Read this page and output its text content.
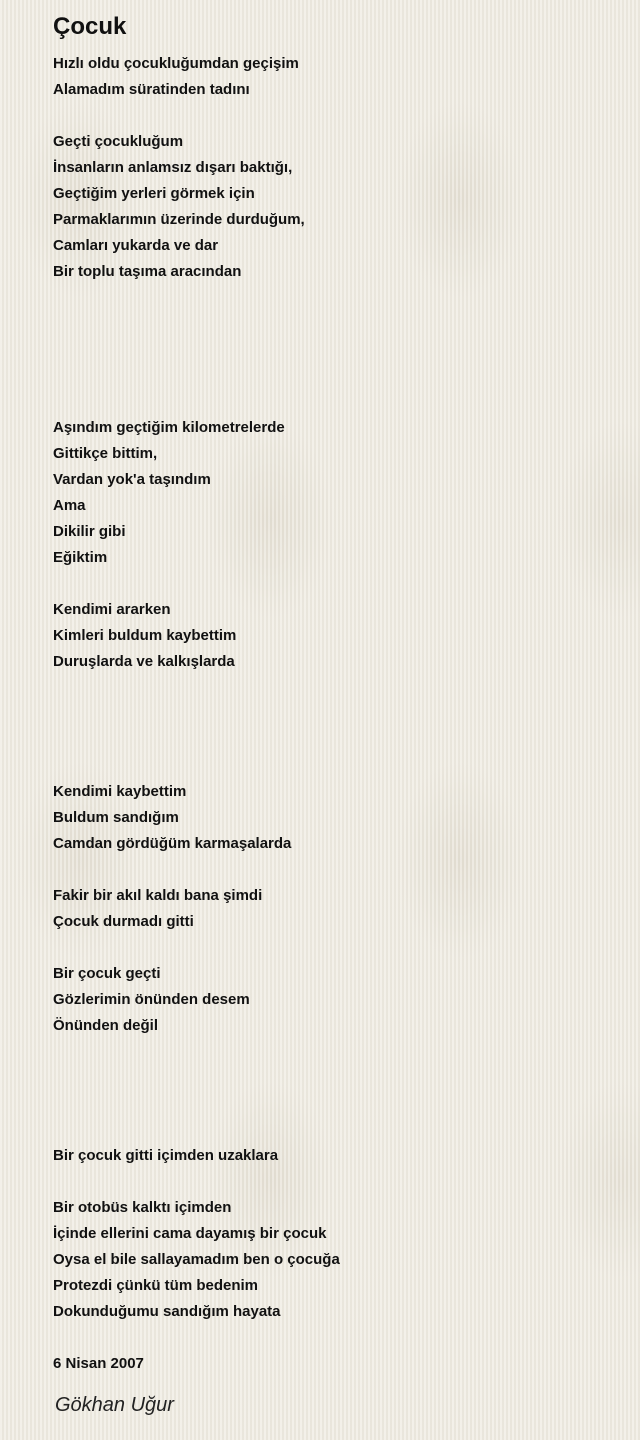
Çocuk
Hızlı oldu çocukluğumdan geçişim
Alamadım süratinden tadını
Geçti çocukluğum
İnsanların anlamsız dışarı baktığı,
Geçtiğim yerleri görmek için
Parmaklarımın üzerinde durduğum,
Camları yukarda ve dar
Bir toplu taşıma aracından
Aşındım geçtiğim kilometrelerde
Gittikçe bittim,
Vardan yok'a taşındım
Ama
Dikilir gibi
Eğiktim
Kendimi ararken
Kimleri buldum kaybettim
Duruşlarda ve kalkışlarda
Kendimi kaybettim
Buldum sandığım
Camdan gördüğüm karmaşalarda
Fakir bir akıl kaldı bana şimdi
Çocuk durmadı gitti
Bir çocuk geçti
Gözlerimin önünden desem
Önünden değil
Bir çocuk gitti içimden uzaklara
Bir otobüs kalktı içimden
İçinde ellerini cama dayamış bir çocuk
Oysa el bile sallayamadım ben o çocuğa
Protezdi çünkü tüm bedenim
Dokunduğumu sandığım hayata
6 Nisan 2007
Gökhan Uğur
